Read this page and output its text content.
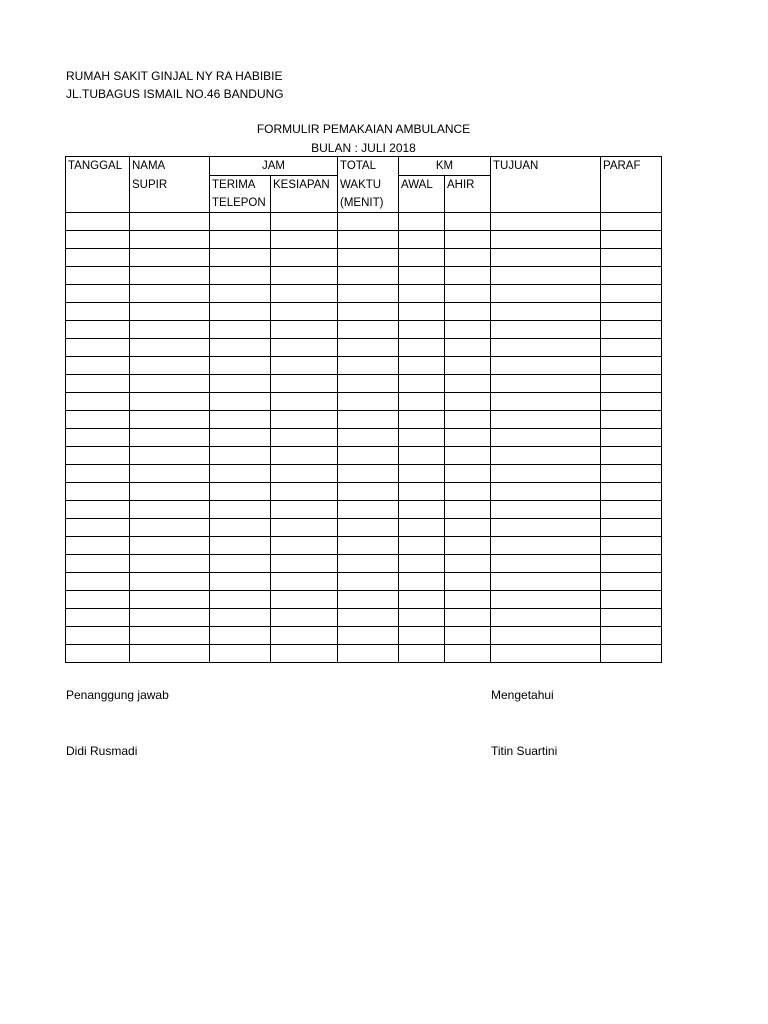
RUMAH SAKIT GINJAL NY RA HABIBIE
JL.TUBAGUS ISMAIL NO.46 BANDUNG
FORMULIR PEMAKAIAN AMBULANCE
BULAN : JULI 2018
TANGGAL	NAMA	JAM		TOTAL	KM		TUJUAN	PARAF
	SUPIR	TERIMA	KESIAPAN	WAKTU	AWAL	AHIR		
		TELEPON		(MENIT)				

Penanggung jawab
Didi Rusmadi
Mengetahui
Titin Suartini
